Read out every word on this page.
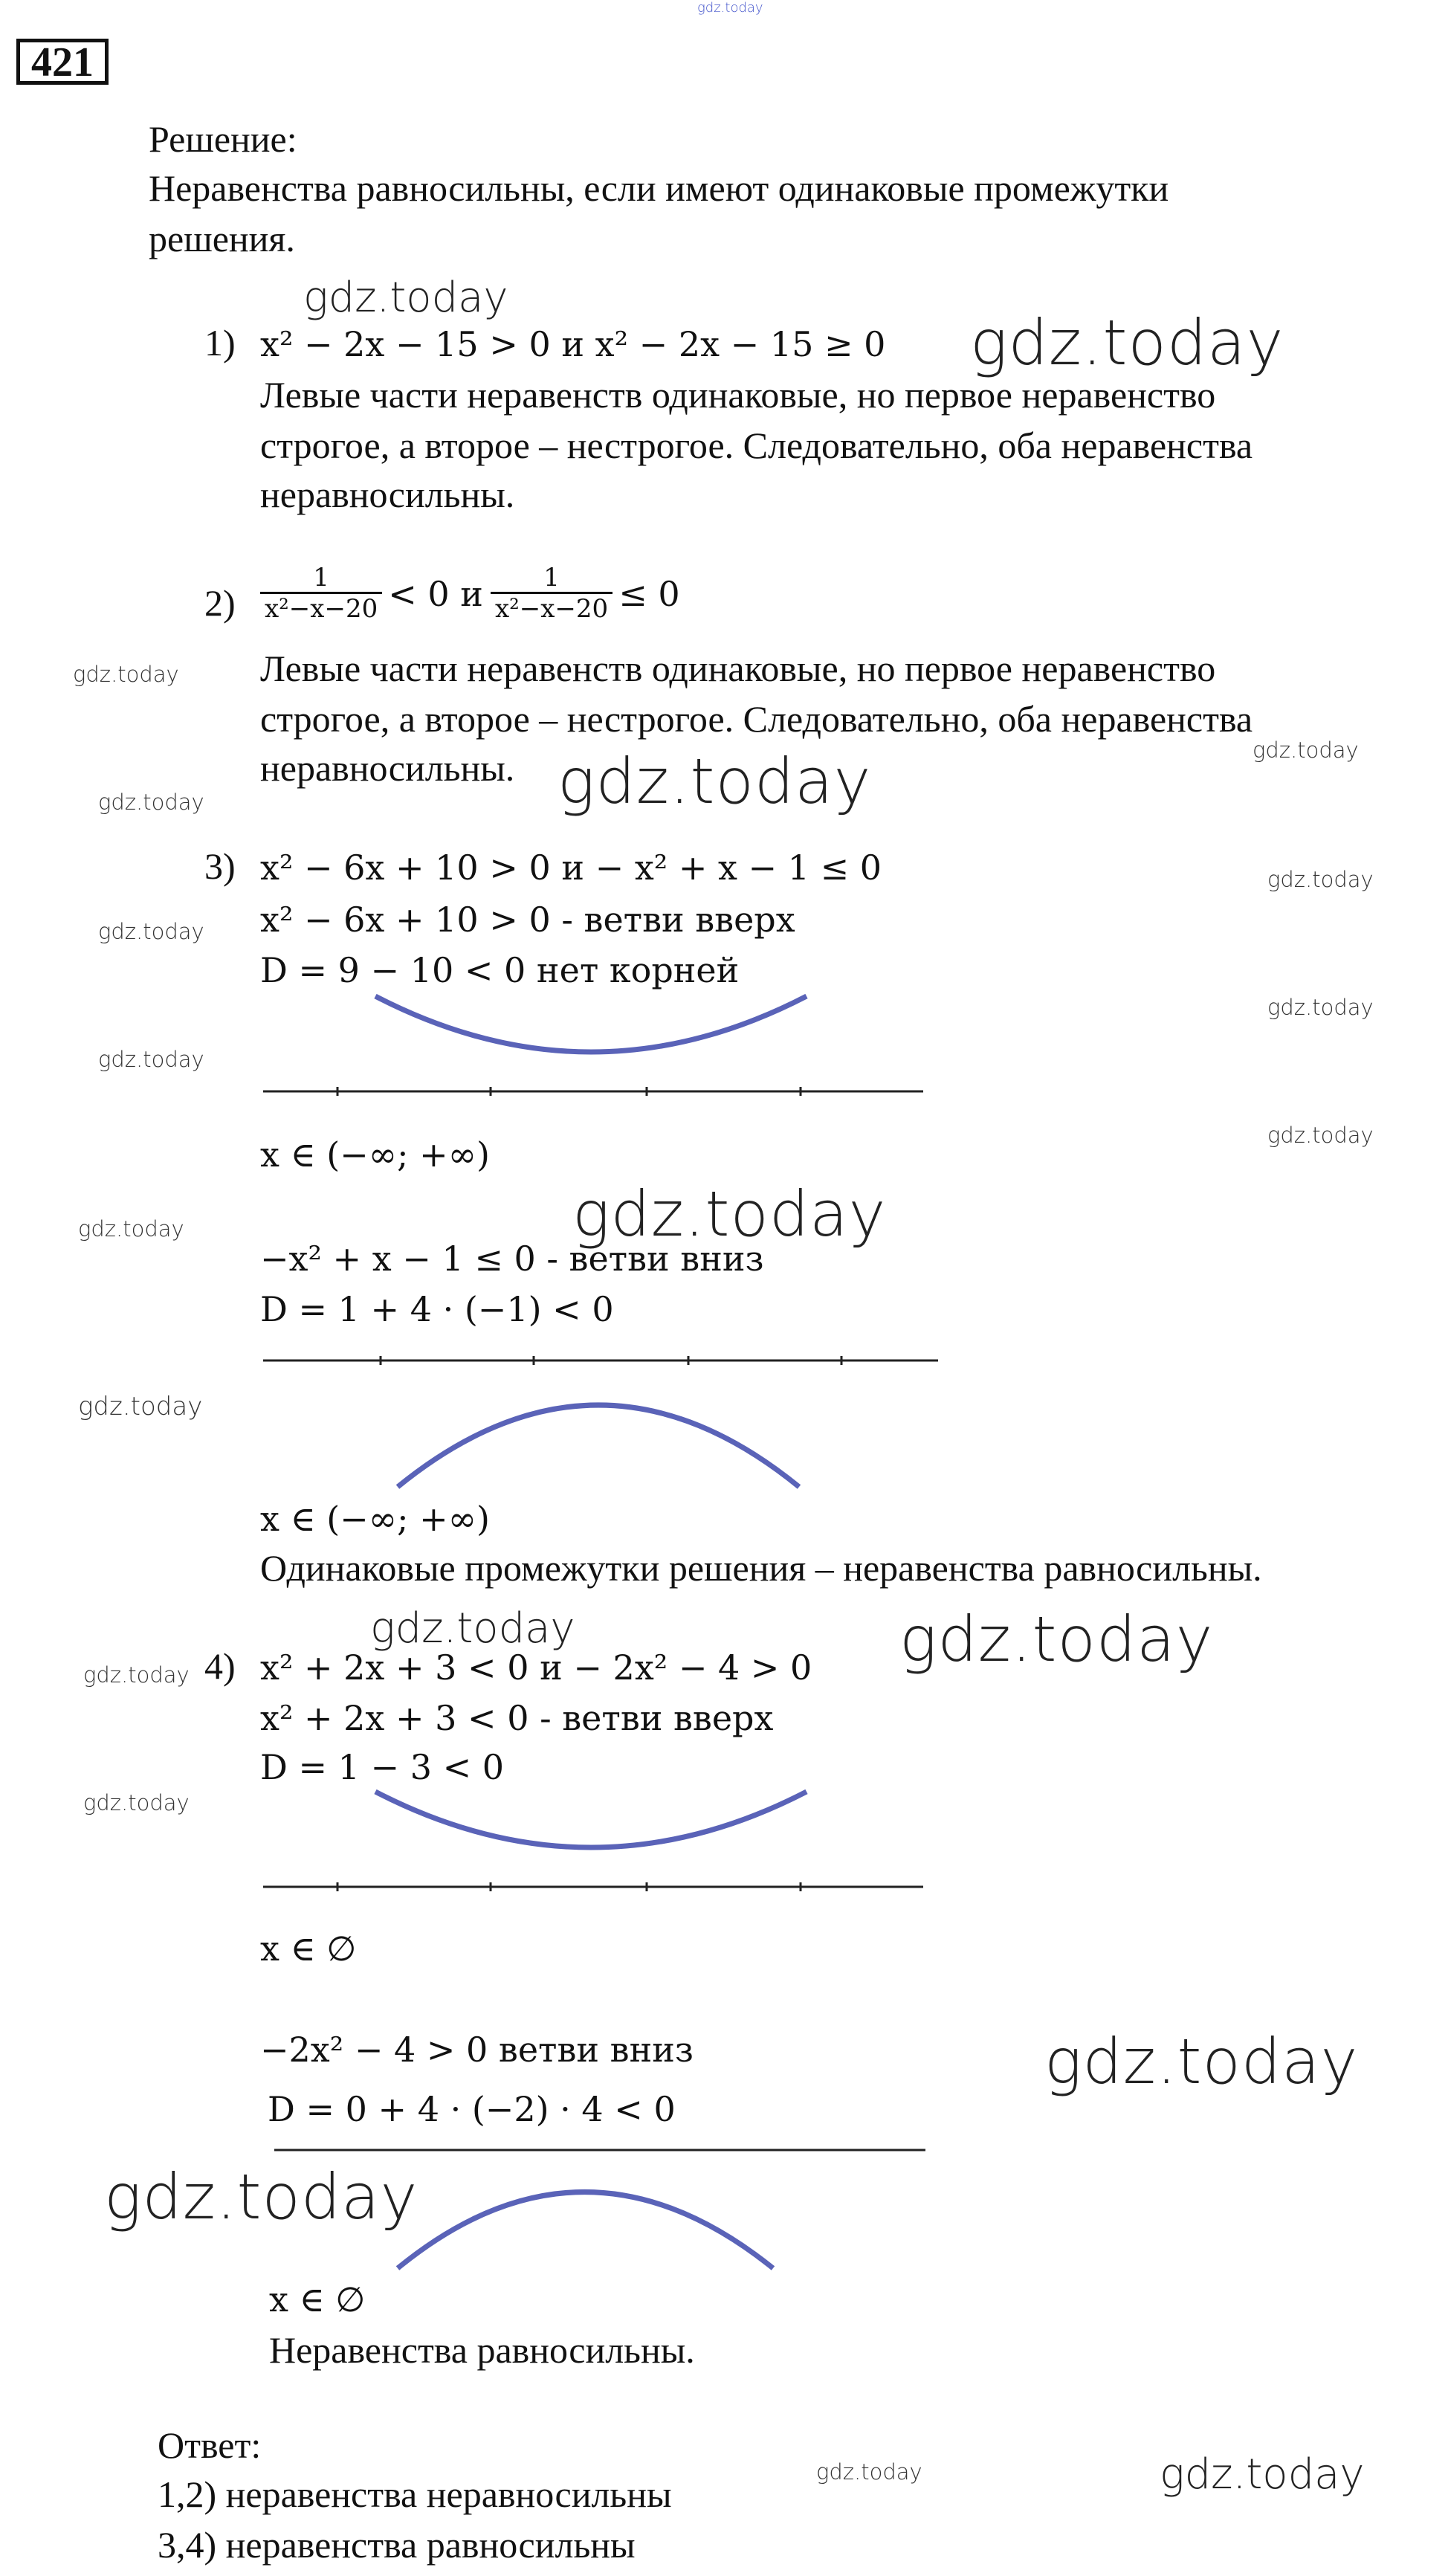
gdz.today
421
Решение:
Неравенства равносильны, если имеют одинаковые промежутки
решения.
1) x² − 2x − 15 > 0 и x² − 2x − 15 ≥ 0
Левые части неравенств одинаковые, но первое неравенство
строгое, а второе – нестрогое. Следовательно, оба неравенства
неравносильны.
$2) \frac{1}{\text{x²−x−20}} < 0$ и $\frac{1}{\text{x²−x−20}} \le 0$
Левые части неравенств одинаковые, но первое неравенство
строгое, а второе – нестрогое. Следовательно, оба неравенства
неравносильны.
3) x² − 6x + 10 > 0 и − x² + x − 1 ≤ 0
x² − 6x + 10 > 0 - ветви вверх
D = 9 − 10 < 0 нет корней
x ∈ (−∞; +∞)
−x² + x − 1 ≤ 0 - ветви вниз
D = 1 + 4 · (−1) < 0
x ∈ (−∞; +∞)
Одинаковые промежутки решения – неравенства равносильны.
4) x² + 2x + 3 < 0 и − 2x² − 4 > 0
x² + 2x + 3 < 0 - ветви вверх
D = 1 − 3 < 0
x ∈ ∅
−2x² − 4 > 0 ветви вниз
D = 0 + 4 · (−2) · 4 < 0
x ∈ ∅
Неравенства равносильны.
Ответ:
1,2) неравенства неравносильны
3,4) неравенства равносильны
gdz.today
gdz.today
gdz.today
gdz.today
gdz.today
gdz.today
gdz.today
gdz.today
gdz.today
gdz.today
gdz.today
gdz.today
gdz.today
gdz.today
gdz.today	gdz.today
gdz.today
gdz.today
gdz.today
gdz.today
gdz.today	gdz.today
